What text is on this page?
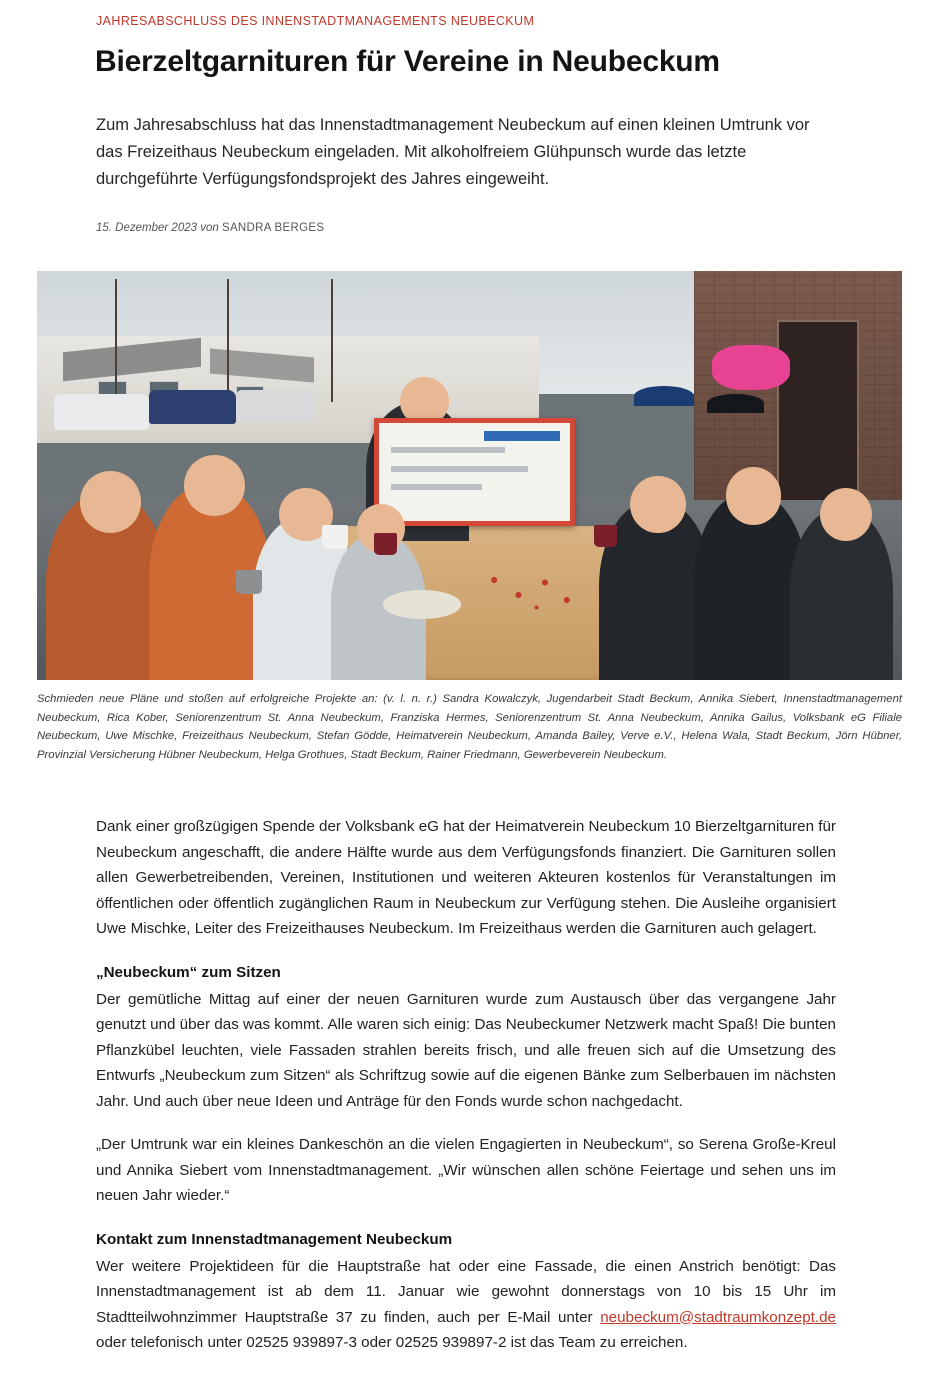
JAHRESABSCHLUSS DES INNENSTADTMANAGEMENTS NEUBECKUM
Bierzeltgarnituren für Vereine in Neubeckum
Zum Jahresabschluss hat das Innenstadtmanagement Neubeckum auf einen kleinen Umtrunk vor das Freizeithaus Neubeckum eingeladen. Mit alkoholfreiem Glühpunsch wurde das letzte durchgeführte Verfügungsfondsprojekt des Jahres eingeweiht.
15. Dezember 2023 von SANDRA BERGES
Schmieden neue Pläne und stoßen auf erfolgreiche Projekte an: (v. l. n. r.) Sandra Kowalczyk, Jugendarbeit Stadt Beckum, Annika Siebert, Innenstadtmanagement Neubeckum, Rica Kober, Seniorenzentrum St. Anna Neubeckum, Franziska Hermes, Seniorenzentrum St. Anna Neubeckum, Annika Gailus, Volksbank eG Filiale Neubeckum, Uwe Mischke, Freizeithaus Neubeckum, Stefan Gödde, Heimatverein Neubeckum, Amanda Bailey, Verve e.V., Helena Wala, Stadt Beckum, Jörn Hübner, Provinzial Versicherung Hübner Neubeckum, Helga Grothues, Stadt Beckum, Rainer Friedmann, Gewerbeverein Neubeckum.

Dank einer großzügigen Spende der Volksbank eG hat der Heimatverein Neubeckum 10 Bierzeltgarnituren für Neubeckum angeschafft, die andere Hälfte wurde aus dem Verfügungsfonds finanziert. Die Garnituren sollen allen Gewerbetreibenden, Vereinen, Institutionen und weiteren Akteuren kostenlos für Veranstaltungen im öffentlichen oder öffentlich zugänglichen Raum in Neubeckum zur Verfügung stehen. Die Ausleihe organisiert Uwe Mischke, Leiter des Freizeithauses Neubeckum. Im Freizeithaus werden die Garnituren auch gelagert.

„Neubeckum“ zum Sitzen

Der gemütliche Mittag auf einer der neuen Garnituren wurde zum Austausch über das vergangene Jahr genutzt und über das was kommt. Alle waren sich einig: Das Neubeckumer Netzwerk macht Spaß! Die bunten Pflanzkübel leuchten, viele Fassaden strahlen bereits frisch, und alle freuen sich auf die Umsetzung des Entwurfs „Neubeckum zum Sitzen“ als Schriftzug sowie auf die eigenen Bänke zum Selberbauen im nächsten Jahr. Und auch über neue Ideen und Anträge für den Fonds wurde schon nachgedacht.

„Der Umtrunk war ein kleines Dankeschön an die vielen Engagierten in Neubeckum“, so Serena Große-Kreul und Annika Siebert vom Innenstadtmanagement. „Wir wünschen allen schöne Feiertage und sehen uns im neuen Jahr wieder.“

Kontakt zum Innenstadtmanagement Neubeckum

Wer weitere Projektideen für die Hauptstraße hat oder eine Fassade, die einen Anstrich benötigt: Das Innenstadtmanagement ist ab dem 11. Januar wie gewohnt donnerstags von 10 bis 15 Uhr im Stadtteilwohnzimmer Hauptstraße 37 zu finden, auch per E-Mail unter neubeckum@stadtraumkonzept.de oder telefonisch unter 02525 939897-3 oder 02525 939897-2 ist das Team zu erreichen.
